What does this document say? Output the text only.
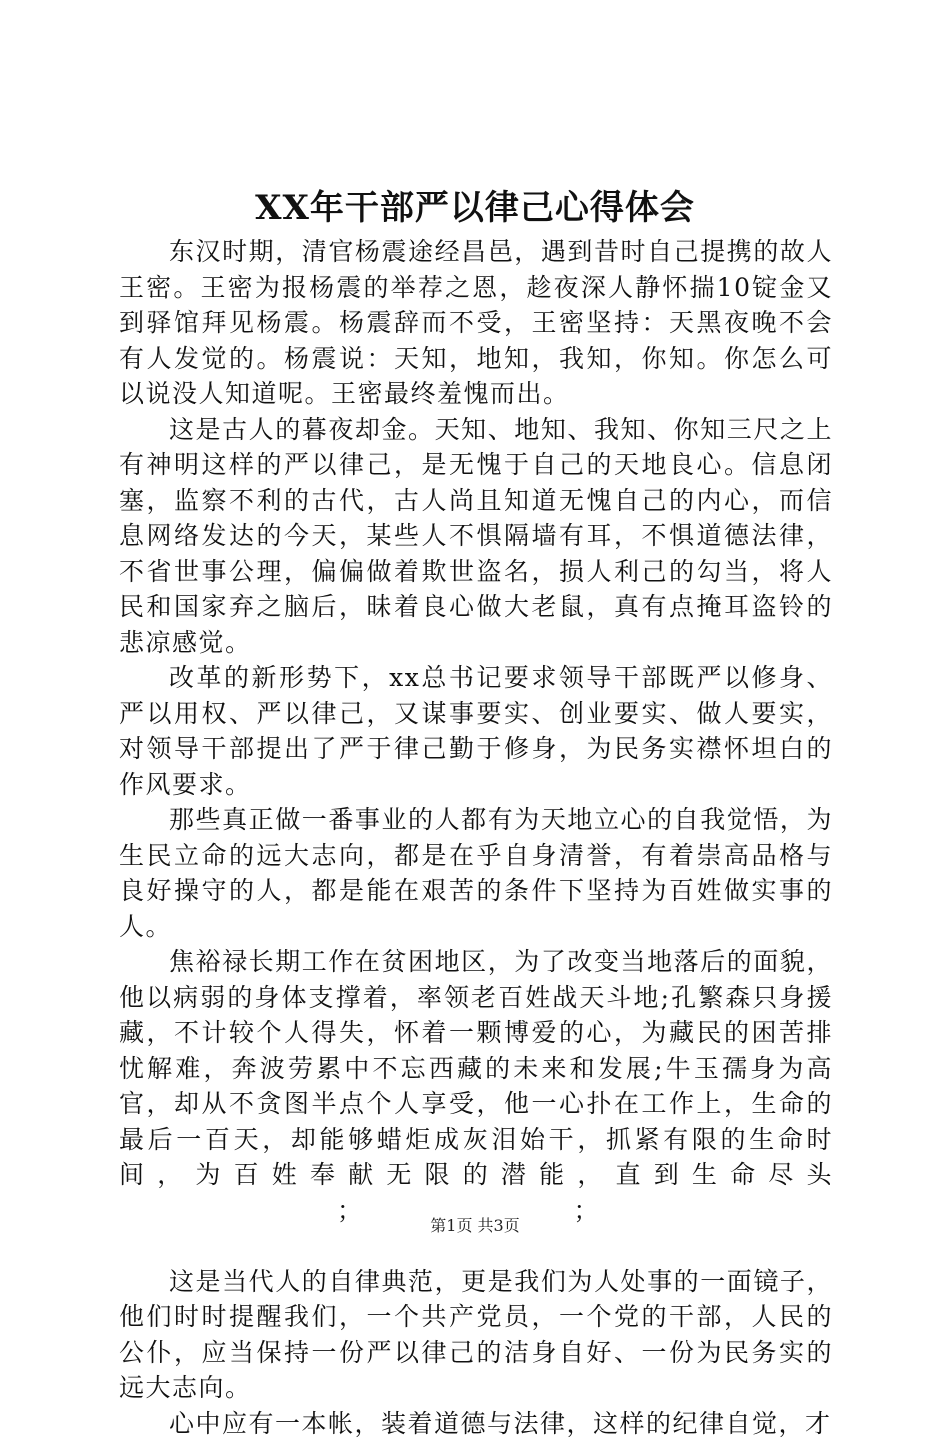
XX年干部严以律己心得体会

东汉时期，清官杨震途经昌邑，遇到昔时自己提携的故人王密。王密为报杨震的举荐之恩，趁夜深人静怀揣10锭金又到驿馆拜见杨震。杨震辞而不受，王密坚持：天黑夜晚不会有人发觉的。杨震说：天知，地知，我知，你知。你怎么可以说没人知道呢。王密最终羞愧而出。

这是古人的暮夜却金。天知、地知、我知、你知三尺之上有神明这样的严以律己，是无愧于自己的天地良心。信息闭塞，监察不利的古代，古人尚且知道无愧自己的内心，而信息网络发达的今天，某些人不惧隔墙有耳，不惧道德法律，不省世事公理，偏偏做着欺世盗名，损人利己的勾当，将人民和国家弃之脑后，昧着良心做大老鼠，真有点掩耳盗铃的悲凉感觉。

改革的新形势下，xx总书记要求领导干部既严以修身、严以用权、严以律己，又谋事要实、创业要实、做人要实，对领导干部提出了严于律己勤于修身，为民务实襟怀坦白的作风要求。

那些真正做一番事业的人都有为天地立心的自我觉悟，为生民立命的远大志向，都是在乎自身清誉，有着崇高品格与良好操守的人，都是能在艰苦的条件下坚持为百姓做实事的人。

焦裕禄长期工作在贫困地区，为了改变当地落后的面貌，他以病弱的身体支撑着，率领老百姓战天斗地;孔繁森只身援藏，不计较个人得失，怀着一颗博爱的心，为藏民的困苦排忧解难，奔波劳累中不忘西藏的未来和发展;牛玉孺身为高官，却从不贪图半点个人享受，他一心扑在工作上，生命的最后一百天，却能够蜡炬成灰泪始干，抓紧有限的生命时间，为百姓奉献无限的潜能，直到生命尽头；	；

这是当代人的自律典范，更是我们为人处事的一面镜子，他们时时提醒我们，一个共产党员，一个党的干部，人民的公仆，应当保持一份严以律己的洁身自好、一份为民务实的远大志向。

心中应有一本帐，装着道德与法律，这样的纪律自觉，才

第1页 共3页
